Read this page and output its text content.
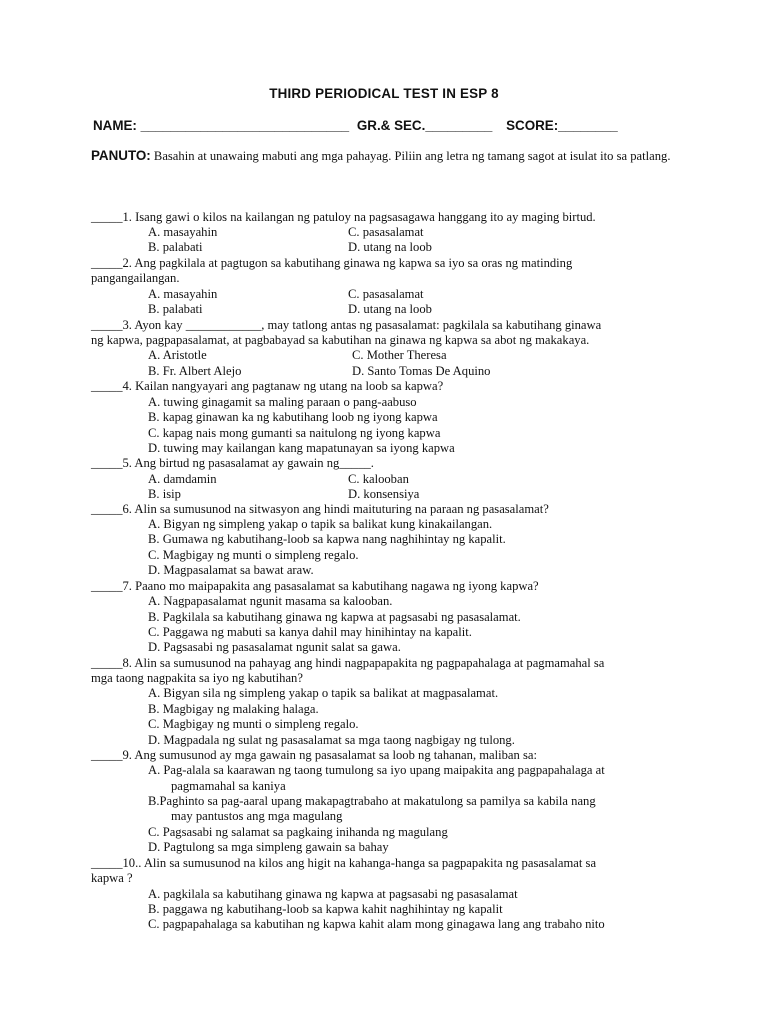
THIRD PERIODICAL TEST IN ESP 8
NAME: ____________________________ GR.& SEC._________ SCORE:________
PANUTO: Basahin at unawaing mabuti ang mga pahayag. Piliin ang letra ng tamang sagot at isulat ito sa patlang.
_____1. Isang gawi o kilos na kailangan ng patuloy na pagsasagawa hanggang ito ay maging birtud.
A. masayahin	C. pasasalamat
B. palabati	D. utang na loob
_____2. Ang pagkilala at pagtugon sa kabutihang ginawa ng kapwa sa iyo sa oras ng matinding
pangangailangan.
A. masayahin	C. pasasalamat
B. palabati	D. utang na loob
_____3. Ayon kay ____________, may tatlong antas ng pasasalamat: pagkilala sa kabutihang ginawa
ng kapwa, pagpapasalamat, at pagbabayad sa kabutihan na ginawa ng kapwa sa abot ng makakaya.
A. Aristotle	C. Mother Theresa
B. Fr. Albert Alejo	D. Santo Tomas De Aquino
_____4. Kailan nangyayari ang pagtanaw ng utang na loob sa kapwa?
A. tuwing ginagamit sa maling paraan o pang-aabuso
B. kapag ginawan ka ng kabutihang loob ng iyong kapwa
C. kapag nais mong gumanti sa naitulong ng iyong kapwa
D. tuwing may kailangan kang mapatunayan sa iyong kapwa
_____5. Ang birtud ng pasasalamat ay gawain ng_____.
A. damdamin	C. kalooban
B. isip	D. konsensiya
_____6. Alin sa sumusunod na sitwasyon ang hindi maituturing na paraan ng pasasalamat?
A. Bigyan ng simpleng yakap o tapik sa balikat kung kinakailangan.
B. Gumawa ng kabutihang-loob sa kapwa nang naghihintay ng kapalit.
C. Magbigay ng munti o simpleng regalo.
D. Magpasalamat sa bawat araw.
_____7. Paano mo maipapakita ang pasasalamat sa kabutihang nagawa ng iyong kapwa?
A. Nagpapasalamat ngunit masama sa kalooban.
B. Pagkilala sa kabutihang ginawa ng kapwa at pagsasabi ng pasasalamat.
C. Paggawa ng mabuti sa kanya dahil may hinihintay na kapalit.
D. Pagsasabi ng pasasalamat ngunit salat sa gawa.
_____8. Alin sa sumusunod na pahayag ang hindi nagpapapakita ng pagpapahalaga at pagmamahal sa
mga taong nagpakita sa iyo ng kabutihan?
A. Bigyan sila ng simpleng yakap o tapik sa balikat at magpasalamat.
B. Magbigay ng malaking halaga.
C. Magbigay ng munti o simpleng regalo.
D. Magpadala ng sulat ng pasasalamat sa mga taong nagbigay ng tulong.
_____9. Ang sumusunod ay mga gawain ng pasasalamat sa loob ng tahanan, maliban sa:
A. Pag-alala sa kaarawan ng taong tumulong sa iyo upang maipakita ang pagpapahalaga at
pagmamahal sa kaniya
B.Paghinto sa pag-aaral upang makapagtrabaho at makatulong sa pamilya sa kabila nang
may pantustos ang mga magulang
C. Pagsasabi ng salamat sa pagkaing inihanda ng magulang
D. Pagtulong sa mga simpleng gawain sa bahay
_____10.. Alin sa sumusunod na kilos ang higit na kahanga-hanga sa pagpapakita ng pasasalamat sa
kapwa ?
A. pagkilala sa kabutihang ginawa ng kapwa at pagsasabi ng pasasalamat
B. paggawa ng kabutihang-loob sa kapwa kahit naghihintay ng kapalit
C. pagpapahalaga sa kabutihan ng kapwa kahit alam mong ginagawa lang ang trabaho nito
